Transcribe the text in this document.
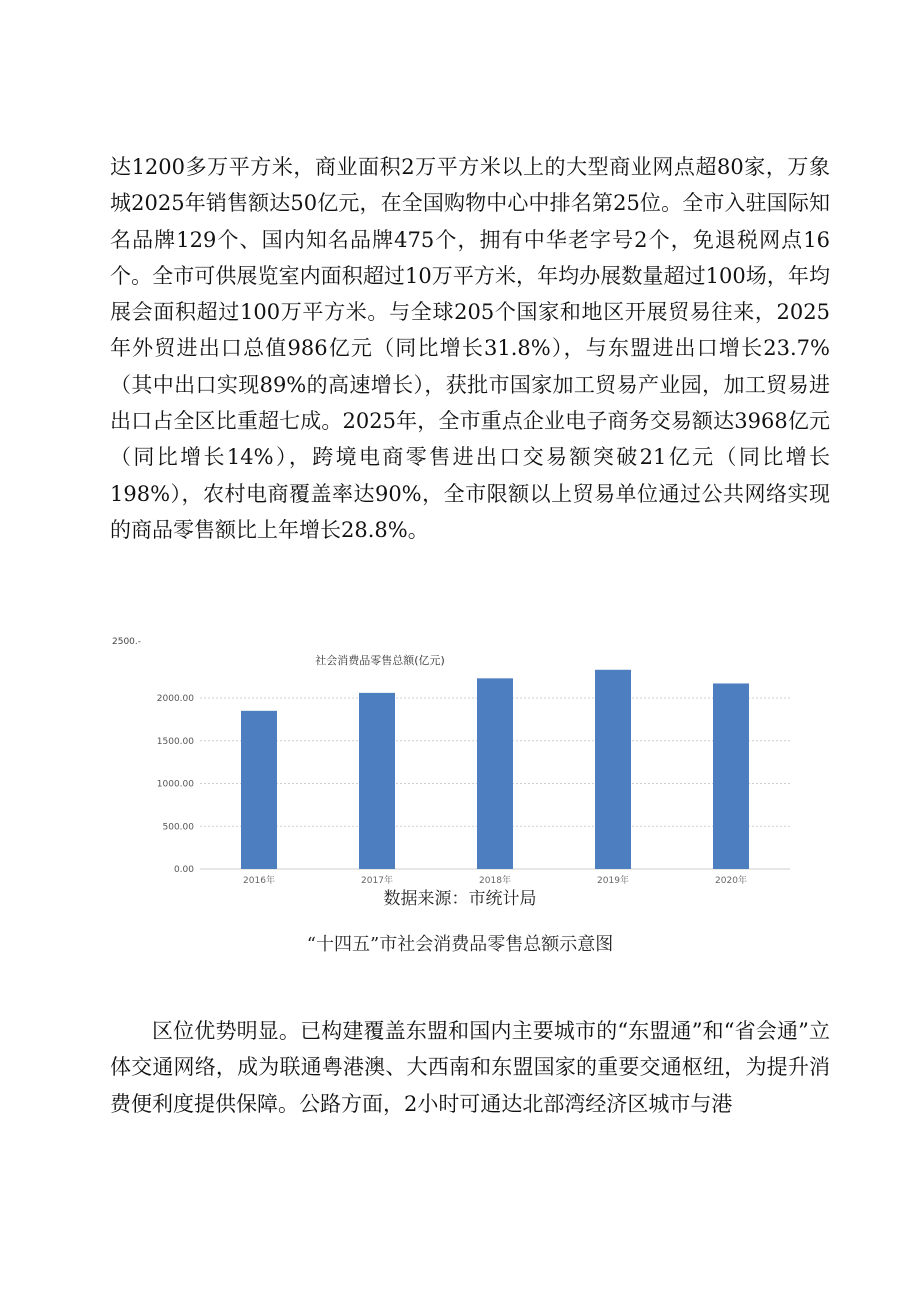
达1200多万平方米，商业面积2万平方米以上的大型商业网点超80家，万象城2025年销售额达50亿元，在全国购物中心中排名第25位。全市入驻国际知名品牌129个、国内知名品牌475个，拥有中华老字号2个，免退税网点16个。全市可供展览室内面积超过10万平方米，年均办展数量超过100场，年均展会面积超过100万平方米。与全球205个国家和地区开展贸易往来，2025年外贸进出口总值986亿元（同比增长31.8%），与东盟进出口增长23.7%（其中出口实现89%的高速增长），获批市国家加工贸易产业园，加工贸易进出口占全区比重超七成。2025年，全市重点企业电子商务交易额达3968亿元（同比增长14%），跨境电商零售进出口交易额突破21亿元（同比增长198%），农村电商覆盖率达90%，全市限额以上贸易单位通过公共网络实现的商品零售额比上年增长28.8%。

2500.-
社会消费品零售总额(亿元)
0.00
500.00
1000.00
1500.00
2000.00
2016年	2017年	2018年	2019年	2020年
数据来源：市统计局
“十四五”市社会消费品零售总额示意图

区位优势明显。已构建覆盖东盟和国内主要城市的“东盟通”和“省会通”立体交通网络，成为联通粤港澳、大西南和东盟国家的重要交通枢纽，为提升消费便利度提供保障。公路方面，2小时可通达北部湾经济区城市与港
